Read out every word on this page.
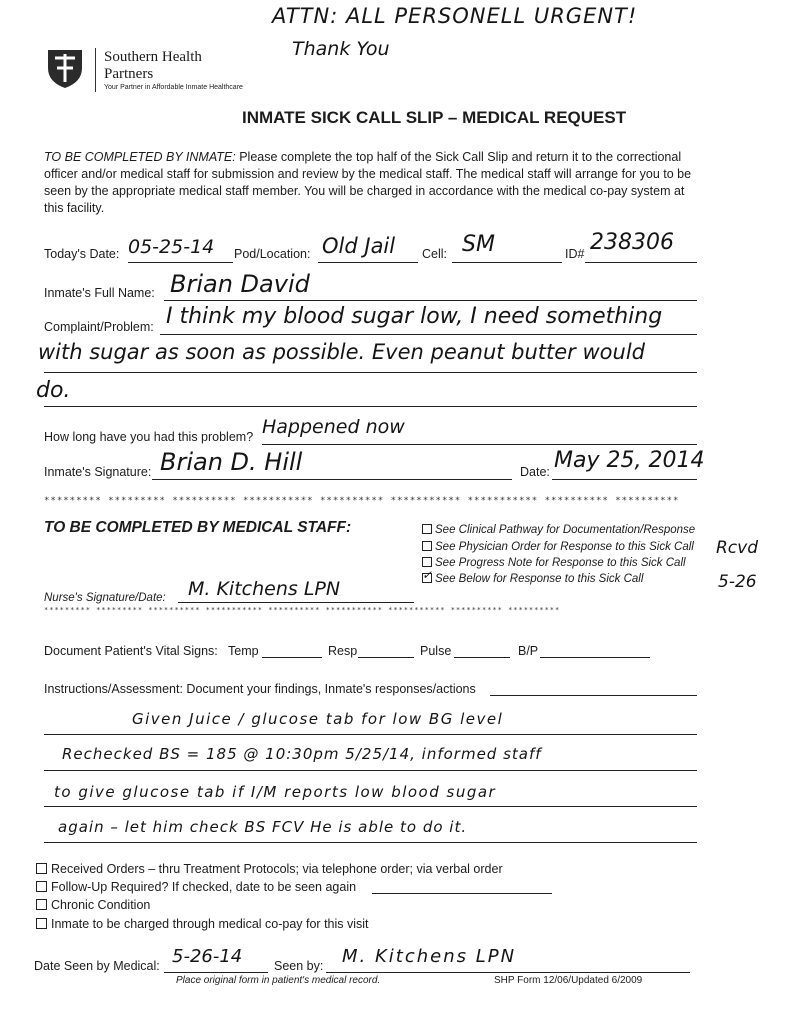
ATTN: ALL PERSONELL URGENT!
Thank You
Southern Health
Partners
Your Partner in Affordable Inmate Healthcare
INMATE SICK CALL SLIP – MEDICAL REQUEST
TO BE COMPLETED BY INMATE: Please complete the top half of the Sick Call Slip and return it to the correctional
officer and/or medical staff for submission and review by the medical staff. The medical staff will arrange for you to be
seen by the appropriate medical staff member. You will be charged in accordance with the medical co-pay system at
this facility.
Today's Date: 05-25-14 Pod/Location: Old Jail Cell: SM	ID# 238306
Inmate's Full Name: Brian David
Complaint/Problem: I think my blood sugar low, I need something
with sugar as soon as possible. Even peanut butter would
do.
How long have you had this problem? Happened now
Inmate's Signature: Brian D. Hill	Date: May 25, 2014
********* ********* ********** *********** ********** *********** *********** ********** **********
TO BE COMPLETED BY MEDICAL STAFF:	See Clinical Pathway for Documentation/Response
See Physician Order for Response to this Sick Call
See Progress Note for Response to this Sick Call
✓See Below for Response to this Sick Call
Rcvd
5-26
Nurse's Signature/Date: M. Kitchens LPN
********* ********* ********** *********** ********** *********** *********** ********** **********
Document Patient's Vital Signs: Temp	Resp	Pulse	B/P
Instructions/Assessment: Document your findings, Inmate's responses/actions
Given Juice / glucose tab for low BG level
Rechecked BS = 185 @ 10:30pm 5/25/14, informed staff
to give glucose tab if I/M reports low blood sugar
again – let him check BS FCV He is able to do it.
Received Orders – thru Treatment Protocols; via telephone order; via verbal order
Follow-Up Required? If checked, date to be seen again
Chronic Condition
Inmate to be charged through medical co-pay for this visit
Date Seen by Medical: 5-26-14	Seen by: M. Kitchens LPN
Place original form in patient's medical record.	SHP Form 12/06/Updated 6/2009
